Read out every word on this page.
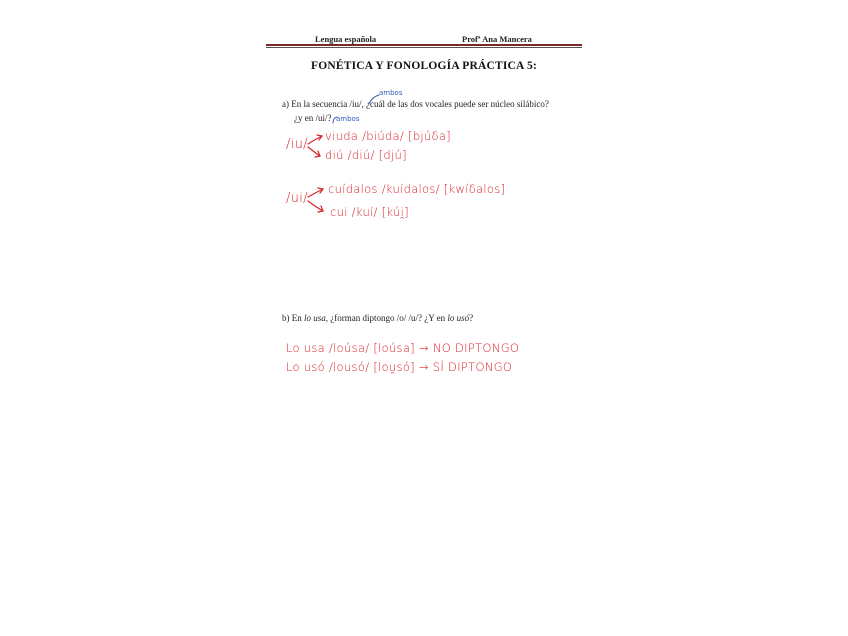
Lengua española	Profª Ana Mancera
FONÉTICA Y FONOLOGÍA PRÁCTICA 5:
a) En la secuencia /iu/, ¿cuál de las dos vocales puede ser núcleo silábico?
¿y en /ui/?
ambos
ambos
/iu/
viuda /biúda/ [bjúδa]
diú /diú/ [djú]
/ui/
cuídalos /kuídalos/ [kwíδalos]
cui /kuí/ [kúi̯]
b) En lo usa, ¿forman diptongo /o/ /u/? ¿Y en lo usó?
Lo usa /loúsa/ [loúsa] → NO DIPTONGO
Lo usó /lousó/ [lou̯só] → SÍ DIPTONGO
